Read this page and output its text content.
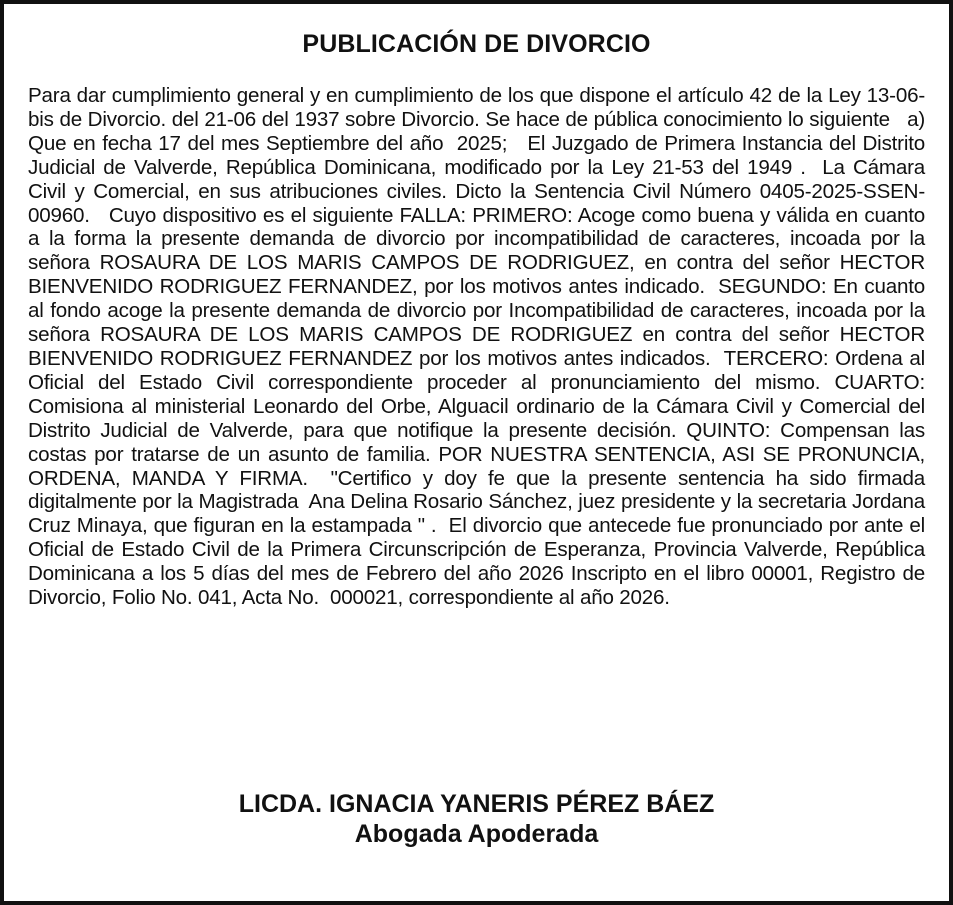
PUBLICACIÓN DE DIVORCIO

Para dar cumplimiento general y en cumplimiento de los que dispone el artículo 42 de la Ley 13-06-bis de Divorcio. del 21-06 del 1937 sobre Divorcio. Se hace de pública conocimiento lo siguiente   a)  Que en fecha 17 del mes Septiembre del año  2025;   El Juzgado de Primera Instancia del Distrito Judicial de Valverde, República Dominicana, modificado por la Ley 21-53 del 1949 .  La Cámara Civil y Comercial, en sus atribuciones civiles. Dicto la Sentencia Civil Número 0405-2025-SSEN-00960.   Cuyo dispositivo es el siguiente FALLA: PRIMERO: Acoge como buena y válida en cuanto a la forma la presente demanda de divorcio por incompatibilidad de caracteres, incoada por la señora ROSAURA DE LOS MARIS CAMPOS DE RODRIGUEZ, en contra del señor HECTOR BIENVENIDO RODRIGUEZ FERNANDEZ, por los motivos antes indicado.  SEGUNDO: En cuanto al fondo acoge la presente demanda de divorcio por Incompatibilidad de caracteres, incoada por la señora ROSAURA DE LOS MARIS CAMPOS DE RODRIGUEZ en contra del señor HECTOR BIENVENIDO RODRIGUEZ FERNANDEZ por los motivos antes indicados.  TERCERO: Ordena al Oficial del Estado Civil correspondiente proceder al pronunciamiento del mismo. CUARTO: Comisiona al ministerial Leonardo del Orbe, Alguacil ordinario de la Cámara Civil y Comercial del Distrito Judicial de Valverde, para que notifique la presente decisión. QUINTO: Compensan las costas por tratarse de un asunto de familia. POR NUESTRA SENTENCIA, ASI SE PRONUNCIA, ORDENA, MANDA Y FIRMA.  "Certifico y doy fe que la presente sentencia ha sido firmada digitalmente por la Magistrada  Ana Delina Rosario Sánchez, juez presidente y la secretaria Jordana Cruz Minaya, que figuran en la estampada " .  El divorcio que antecede fue pronunciado por ante el Oficial de Estado Civil de la Primera Circunscripción de Esperanza, Provincia Valverde, República Dominicana a los 5 días del mes de Febrero del año 2026 Inscripto en el libro 00001, Registro de Divorcio, Folio No. 041, Acta No.  000021, correspondiente al año 2026.

LICDA. IGNACIA YANERIS PÉREZ BÁEZ

Abogada Apoderada
